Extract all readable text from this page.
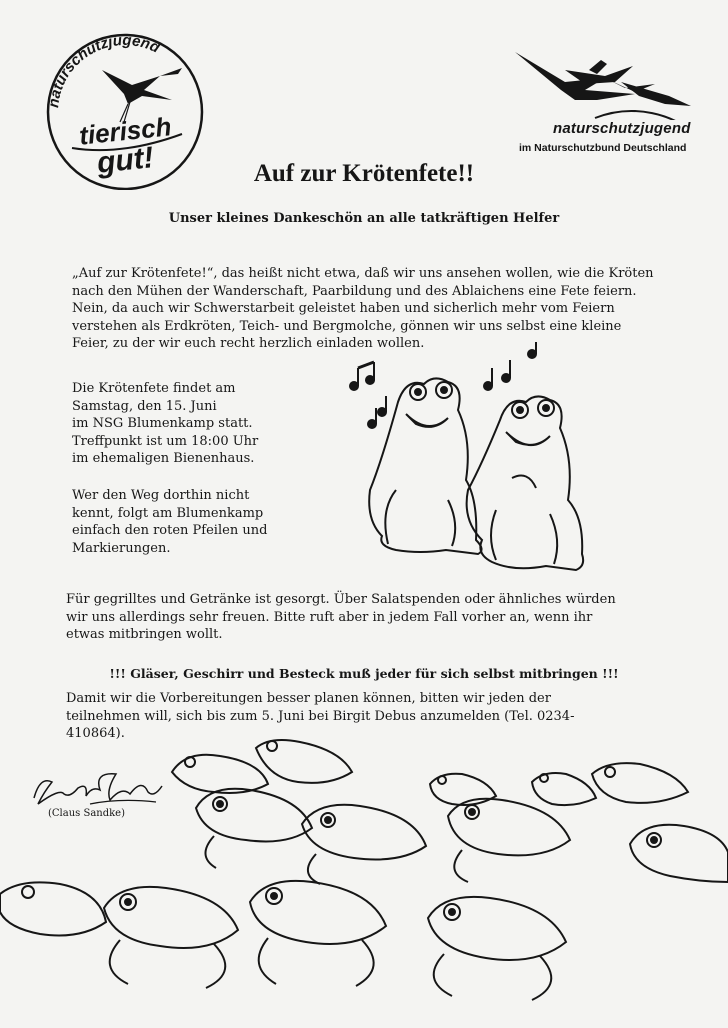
naturschutzjugend
tierisch
gut!
naturschutzjugend
im Naturschutzbund Deutschland
Auf zur Krötenfete!!
Unser kleines Dankeschön an alle tatkräftigen Helfer
„Auf zur Krötenfete!“, das heißt nicht etwa, daß wir uns ansehen wollen, wie die Kröten nach den Mühen der Wanderschaft, Paarbildung und des Ablaichens eine Fete feiern. Nein, da auch wir Schwerstarbeit geleistet haben und sicherlich mehr vom Feiern verstehen als Erdkröten, Teich- und Bergmolche, gönnen wir uns selbst eine kleine Feier, zu der wir euch recht herzlich einladen wollen.

Die Krötenfete findet am

Samstag, den 15. Juni

im NSG Blumenkamp statt.

Treffpunkt ist um 18:00 Uhr

im ehemaligen Bienenhaus.

Wer den Weg dorthin nicht

kennt, folgt am Blumenkamp

einfach den roten Pfeilen und

Markierungen.

Für gegrilltes und Getränke ist gesorgt. Über Salatspenden oder ähnliches würden wir uns allerdings sehr freuen. Bitte ruft aber in jedem Fall vorher an, wenn ihr etwas mitbringen wollt.
!!! Gläser, Geschirr und Besteck muß jeder für sich selbst mitbringen !!!
Damit wir die Vorbereitungen besser planen können, bitten wir jeden der teilnehmen will, sich bis zum 5. Juni bei Birgit Debus anzumelden (Tel. 0234-410864).
(Claus Sandke)
